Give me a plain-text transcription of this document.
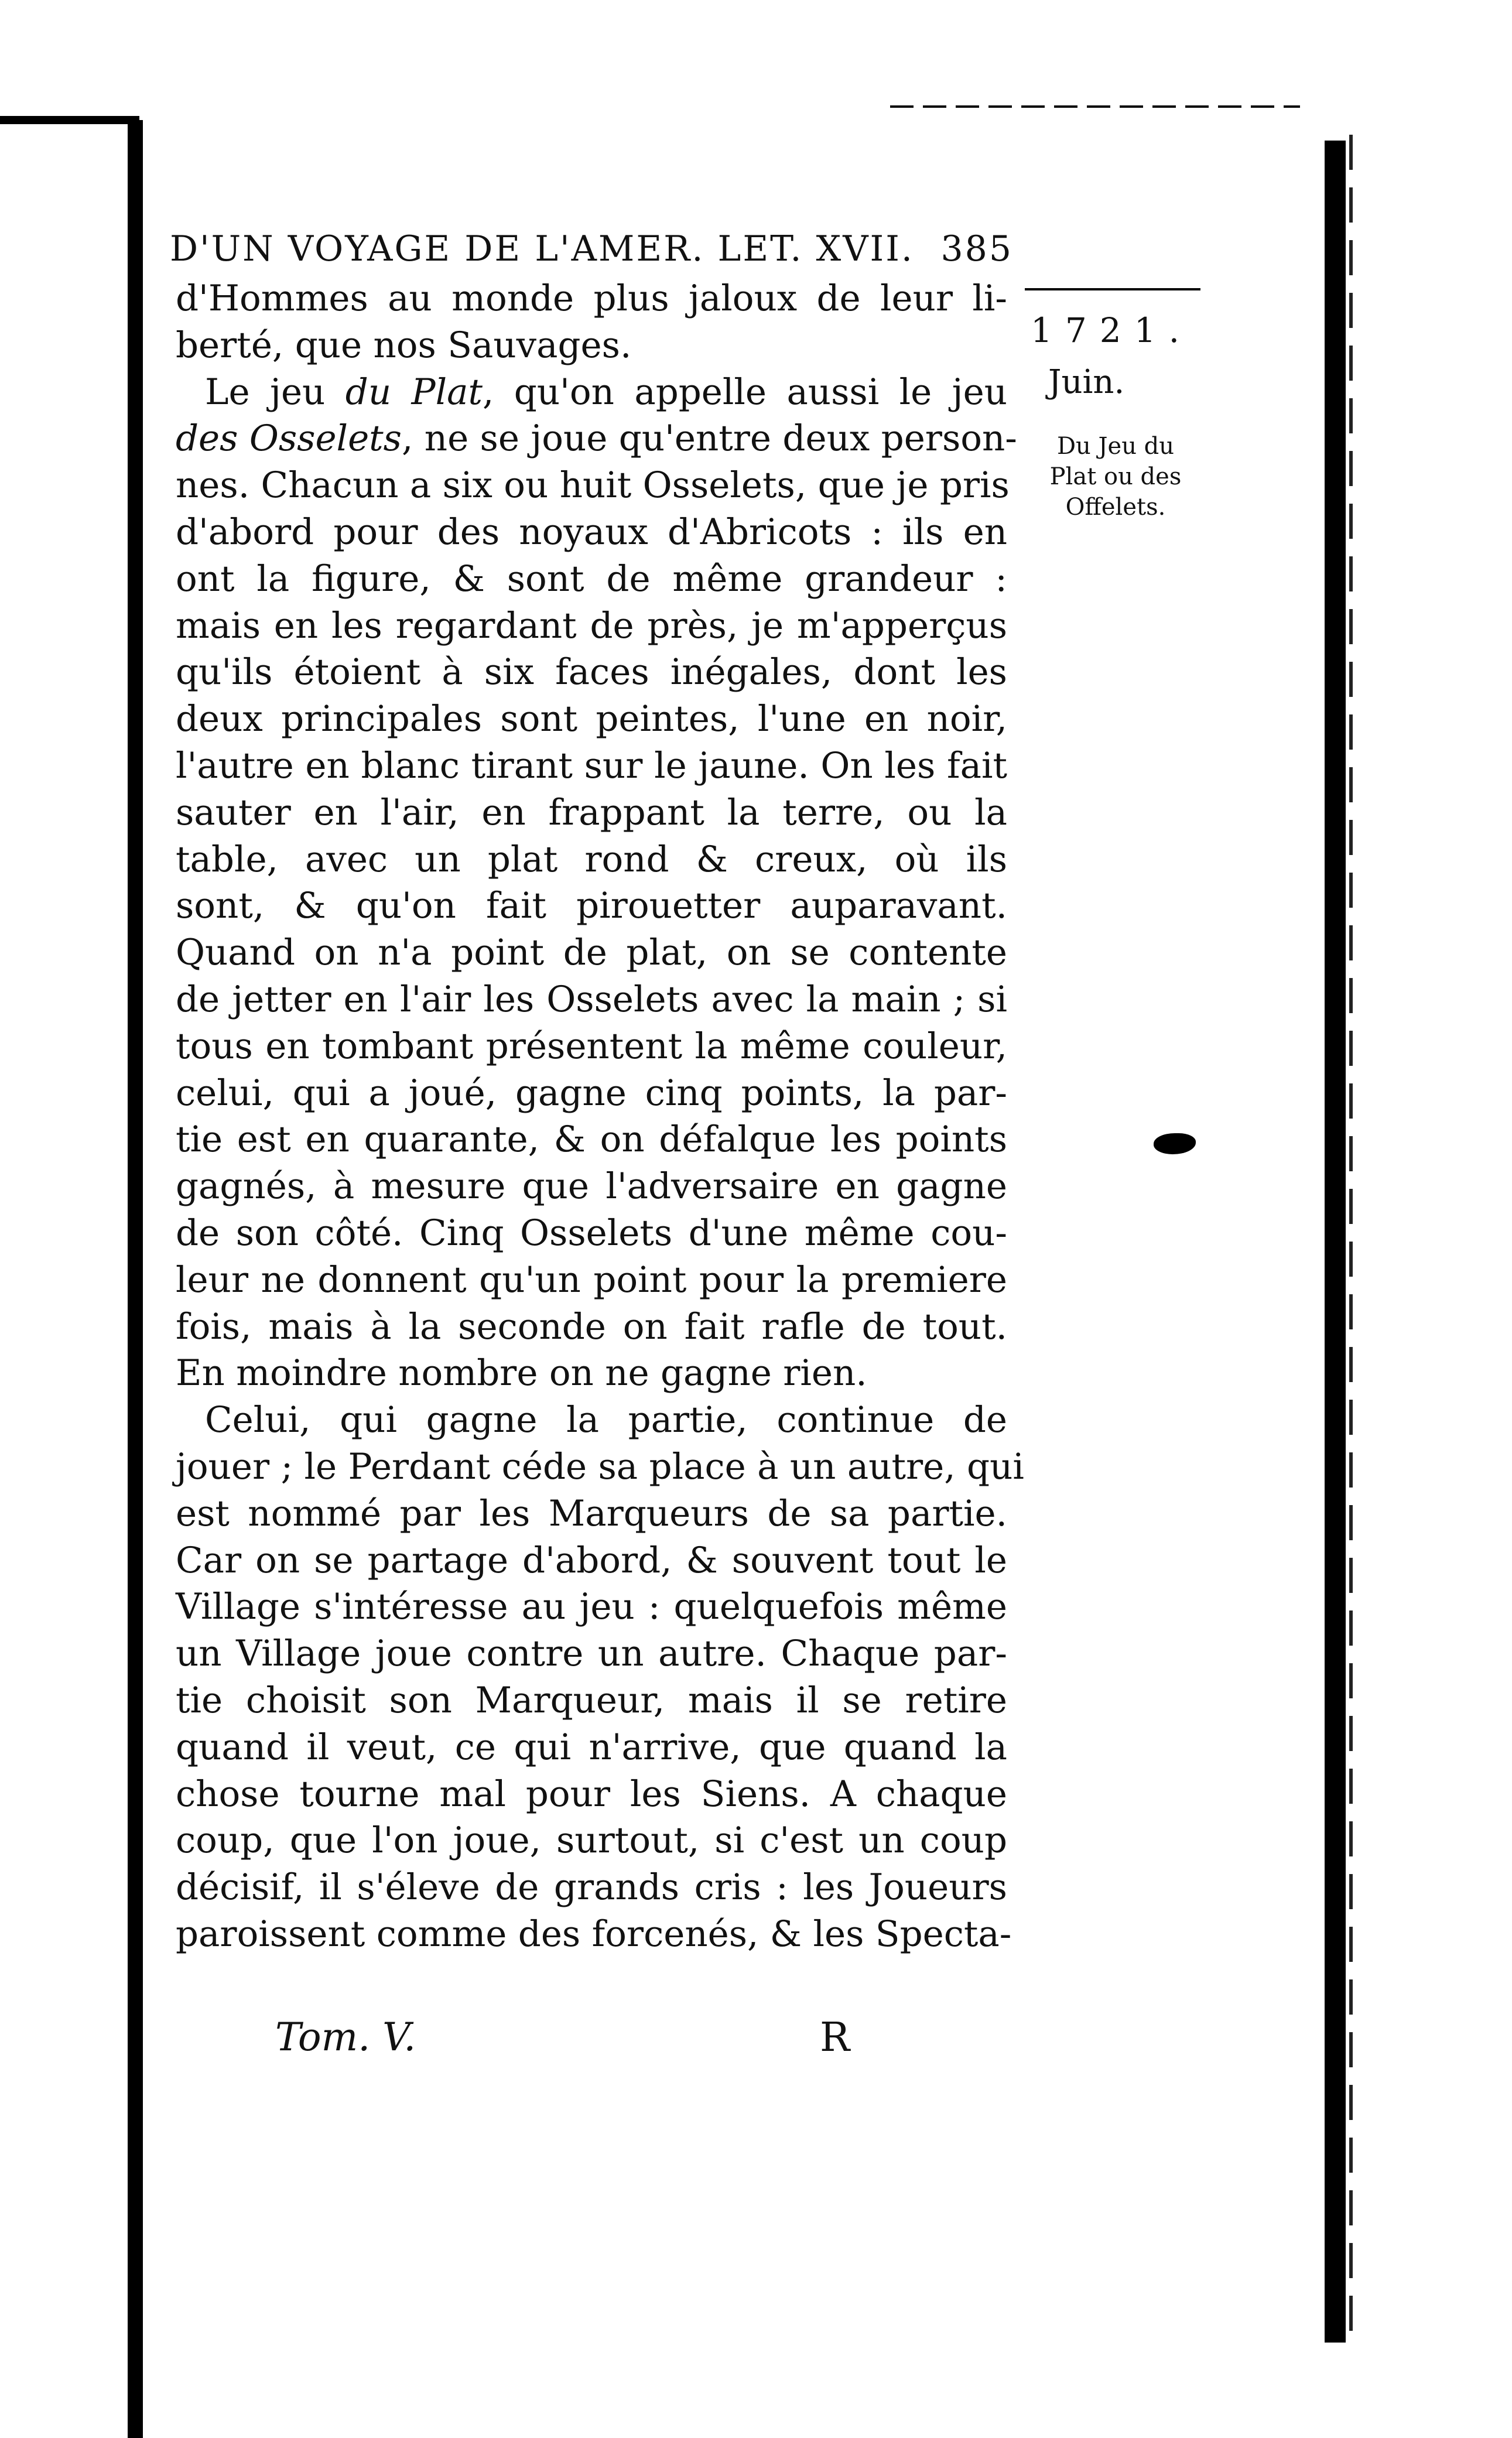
D'UN VOYAGE DE L'AMER. LET. XVII. 385
1721.
Juin.
Du Jeu du
Plat ou des
Offelets.
d'Hommes au monde plus jaloux de leur li-
berté, que nos Sauvages.
Le jeu du Plat, qu'on appelle aussi le jeu
des Osselets, ne se joue qu'entre deux person-
nes. Chacun a six ou huit Osselets, que je pris
d'abord pour des noyaux d'Abricots : ils en
ont la figure, & sont de même grandeur :
mais en les regardant de près, je m'apperçus
qu'ils étoient à six faces inégales, dont les
deux principales sont peintes, l'une en noir,
l'autre en blanc tirant sur le jaune. On les fait
sauter en l'air, en frappant la terre, ou la
table, avec un plat rond & creux, où ils
sont, & qu'on fait pirouetter auparavant.
Quand on n'a point de plat, on se contente
de jetter en l'air les Osselets avec la main ; si
tous en tombant présentent la même couleur,
celui, qui a joué, gagne cinq points, la par-
tie est en quarante, & on défalque les points
gagnés, à mesure que l'adversaire en gagne
de son côté. Cinq Osselets d'une même cou-
leur ne donnent qu'un point pour la premiere
fois, mais à la seconde on fait rafle de tout.
En moindre nombre on ne gagne rien.
Celui, qui gagne la partie, continue de
jouer ; le Perdant céde sa place à un autre, qui
est nommé par les Marqueurs de sa partie.
Car on se partage d'abord, & souvent tout le
Village s'intéresse au jeu : quelquefois même
un Village joue contre un autre. Chaque par-
tie choisit son Marqueur, mais il se retire
quand il veut, ce qui n'arrive, que quand la
chose tourne mal pour les Siens. A chaque
coup, que l'on joue, surtout, si c'est un coup
décisif, il s'éleve de grands cris : les Joueurs
paroissent comme des forcenés, & les Specta-
Tom. V.	R
